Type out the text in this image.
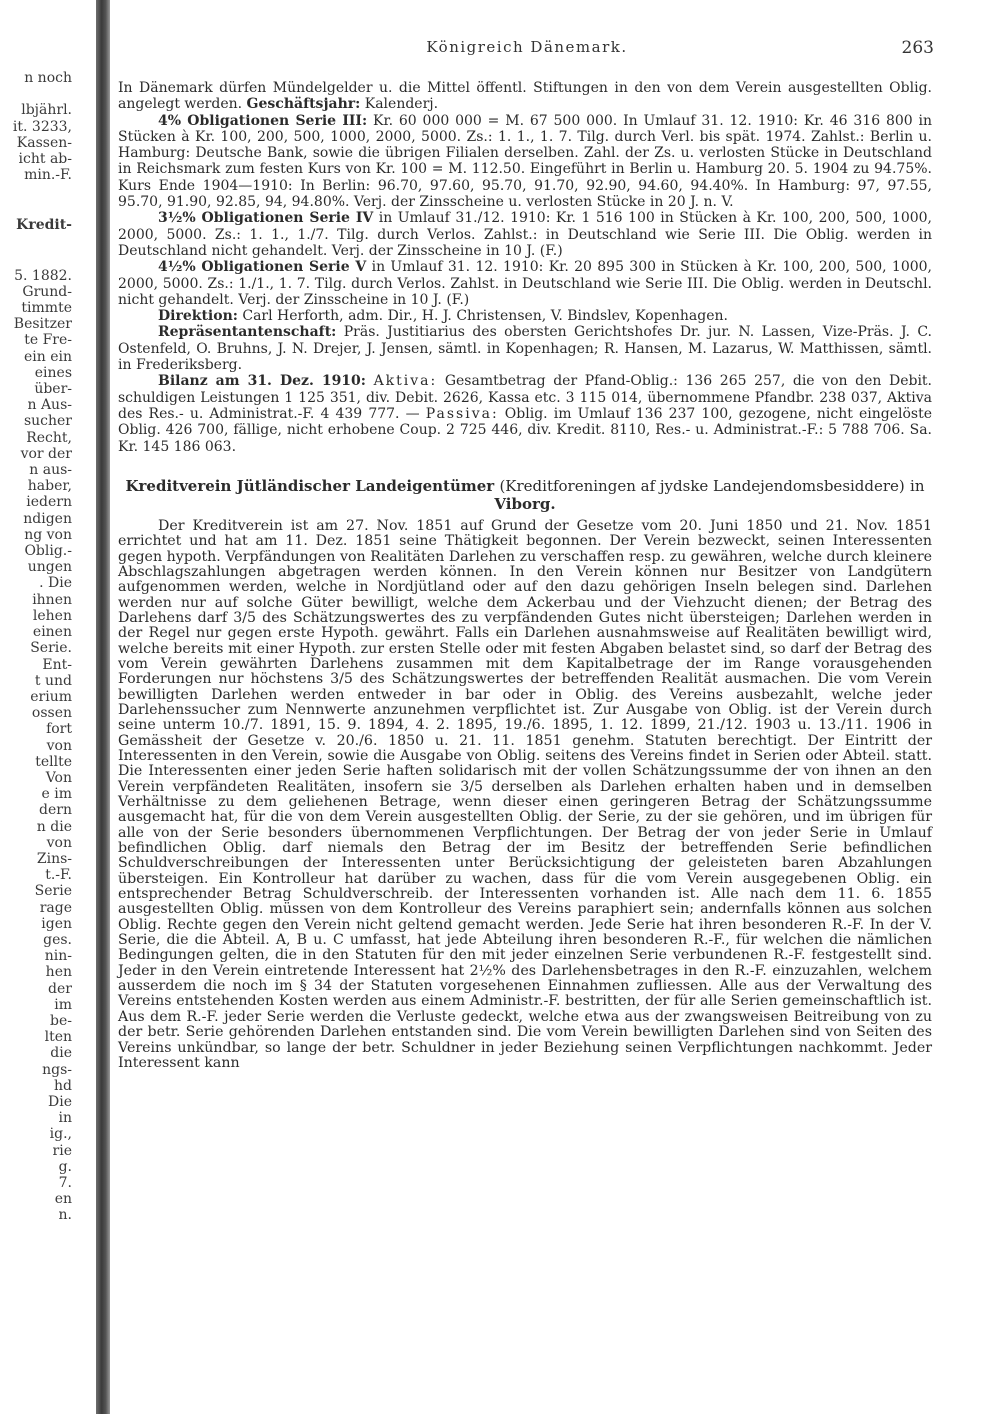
n noch

lbjährl.
it. 3233,
Kassen-
icht ab-
min.-F.
Kredit-
5. 1882.
Grund-
timmte
Besitzer
te Fre-
ein ein
eines
über-
n Aus-
sucher
Recht,
vor der
n aus-
haber,
iedern
ndigen
ng von
Oblig.-
ungen
. Die
ihnen
lehen
einen
Serie.
Ent-
t und
erium
ossen
fort
von
tellte
Von
e im
dern
n die
von
Zins-
t.-F.
Serie
rage
igen
ges.
nin-
hen
der
im
be-
lten
die
ngs-
hd
Die
in
ig.,
rie
g.
7.
en
n.
Königreich Dänemark.	263

In Dänemark dürfen Mündelgelder u. die Mittel öffentl. Stiftungen in den von dem Verein ausgestellten Oblig. angelegt werden. Geschäftsjahr: Kalenderj.

4% Obligationen Serie III: Kr. 60 000 000 = M. 67 500 000. In Umlauf 31. 12. 1910: Kr. 46 316 800 in Stücken à Kr. 100, 200, 500, 1000, 2000, 5000. Zs.: 1. 1., 1. 7. Tilg. durch Verl. bis spät. 1974. Zahlst.: Berlin u. Hamburg: Deutsche Bank, sowie die übrigen Filialen derselben. Zahl. der Zs. u. verlosten Stücke in Deutschland in Reichsmark zum festen Kurs von Kr. 100 = M. 112.50. Eingeführt in Berlin u. Hamburg 20. 5. 1904 zu 94.75%. Kurs Ende 1904—1910: In Berlin: 96.70, 97.60, 95.70, 91.70, 92.90, 94.60, 94.40%. In Hamburg: 97, 97.55, 95.70, 91.90, 92.85, 94, 94.80%. Verj. der Zinsscheine u. verlosten Stücke in 20 J. n. V.

3½% Obligationen Serie IV in Umlauf 31./12. 1910: Kr. 1 516 100 in Stücken à Kr. 100, 200, 500, 1000, 2000, 5000. Zs.: 1. 1., 1./7. Tilg. durch Verlos. Zahlst.: in Deutschland wie Serie III. Die Oblig. werden in Deutschland nicht gehandelt. Verj. der Zinsscheine in 10 J. (F.)

4½% Obligationen Serie V in Umlauf 31. 12. 1910: Kr. 20 895 300 in Stücken à Kr. 100, 200, 500, 1000, 2000, 5000. Zs.: 1./1., 1. 7. Tilg. durch Verlos. Zahlst. in Deutschland wie Serie III. Die Oblig. werden in Deutschl. nicht gehandelt. Verj. der Zinsscheine in 10 J. (F.)

Direktion: Carl Herforth, adm. Dir., H. J. Christensen, V. Bindslev, Kopenhagen.

Repräsentantenschaft: Präs. Justitiarius des obersten Gerichtshofes Dr. jur. N. Lassen, Vize-Präs. J. C. Ostenfeld, O. Bruhns, J. N. Drejer, J. Jensen, sämtl. in Kopenhagen; R. Hansen, M. Lazarus, W. Matthissen, sämtl. in Frederiksberg.

Bilanz am 31. Dez. 1910: Aktiva: Gesamtbetrag der Pfand-Oblig.: 136 265 257, die von den Debit. schuldigen Leistungen 1 125 351, div. Debit. 2626, Kassa etc. 3 115 014, übernommene Pfandbr. 238 037, Aktiva des Res.- u. Administrat.-F. 4 439 777. — Passiva: Oblig. im Umlauf 136 237 100, gezogene, nicht eingelöste Oblig. 426 700, fällige, nicht erhobene Coup. 2 725 446, div. Kredit. 8110, Res.- u. Administrat.-F.: 5 788 706. Sa. Kr. 145 186 063.

Kreditverein Jütländischer Landeigentümer (Kreditforeningen af jydske Landejendomsbesiddere) in Viborg.

Der Kreditverein ist am 27. Nov. 1851 auf Grund der Gesetze vom 20. Juni 1850 und 21. Nov. 1851 errichtet und hat am 11. Dez. 1851 seine Thätigkeit begonnen. Der Verein bezweckt, seinen Interessenten gegen hypoth. Verpfändungen von Realitäten Darlehen zu verschaffen resp. zu gewähren, welche durch kleinere Abschlagszahlungen abgetragen werden können. In den Verein können nur Besitzer von Landgütern aufgenommen werden, welche in Nordjütland oder auf den dazu gehörigen Inseln belegen sind. Darlehen werden nur auf solche Güter bewilligt, welche dem Ackerbau und der Viehzucht dienen; der Betrag des Darlehens darf 3/5 des Schätzungswertes des zu verpfändenden Gutes nicht übersteigen; Darlehen werden in der Regel nur gegen erste Hypoth. gewährt. Falls ein Darlehen ausnahmsweise auf Realitäten bewilligt wird, welche bereits mit einer Hypoth. zur ersten Stelle oder mit festen Abgaben belastet sind, so darf der Betrag des vom Verein gewährten Darlehens zusammen mit dem Kapitalbetrage der im Range vorausgehenden Forderungen nur höchstens 3/5 des Schätzungswertes der betreffenden Realität ausmachen. Die vom Verein bewilligten Darlehen werden entweder in bar oder in Oblig. des Vereins ausbezahlt, welche jeder Darlehenssucher zum Nennwerte anzunehmen verpflichtet ist. Zur Ausgabe von Oblig. ist der Verein durch seine unterm 10./7. 1891, 15. 9. 1894, 4. 2. 1895, 19./6. 1895, 1. 12. 1899, 21./12. 1903 u. 13./11. 1906 in Gemässheit der Gesetze v. 20./6. 1850 u. 21. 11. 1851 genehm. Statuten berechtigt. Der Eintritt der Interessenten in den Verein, sowie die Ausgabe von Oblig. seitens des Vereins findet in Serien oder Abteil. statt. Die Interessenten einer jeden Serie haften solidarisch mit der vollen Schätzungssumme der von ihnen an den Verein verpfändeten Realitäten, insofern sie 3/5 derselben als Darlehen erhalten haben und in demselben Verhältnisse zu dem geliehenen Betrage, wenn dieser einen geringeren Betrag der Schätzungssumme ausgemacht hat, für die von dem Verein ausgestellten Oblig. der Serie, zu der sie gehören, und im übrigen für alle von der Serie besonders übernommenen Verpflichtungen. Der Betrag der von jeder Serie in Umlauf befindlichen Oblig. darf niemals den Betrag der im Besitz der betreffenden Serie befindlichen Schuldverschreibungen der Interessenten unter Berücksichtigung der geleisteten baren Abzahlungen übersteigen. Ein Kontrolleur hat darüber zu wachen, dass für die vom Verein ausgegebenen Oblig. ein entsprechender Betrag Schuldverschreib. der Interessenten vorhanden ist. Alle nach dem 11. 6. 1855 ausgestellten Oblig. müssen von dem Kontrolleur des Vereins paraphiert sein; andernfalls können aus solchen Oblig. Rechte gegen den Verein nicht geltend gemacht werden. Jede Serie hat ihren besonderen R.-F. In der V. Serie, die die Abteil. A, B u. C umfasst, hat jede Abteilung ihren besonderen R.-F., für welchen die nämlichen Bedingungen gelten, die in den Statuten für den mit jeder einzelnen Serie verbundenen R.-F. festgestellt sind. Jeder in den Verein eintretende Interessent hat 2½% des Darlehensbetrages in den R.-F. einzuzahlen, welchem ausserdem die noch im § 34 der Statuten vorgesehenen Einnahmen zufliessen. Alle aus der Verwaltung des Vereins entstehenden Kosten werden aus einem Administr.-F. bestritten, der für alle Serien gemeinschaftlich ist. Aus dem R.-F. jeder Serie werden die Verluste gedeckt, welche etwa aus der zwangsweisen Beitreibung von zu der betr. Serie gehörenden Darlehen entstanden sind. Die vom Verein bewilligten Darlehen sind von Seiten des Vereins unkündbar, so lange der betr. Schuldner in jeder Beziehung seinen Verpflichtungen nachkommt. Jeder Interessent kann
